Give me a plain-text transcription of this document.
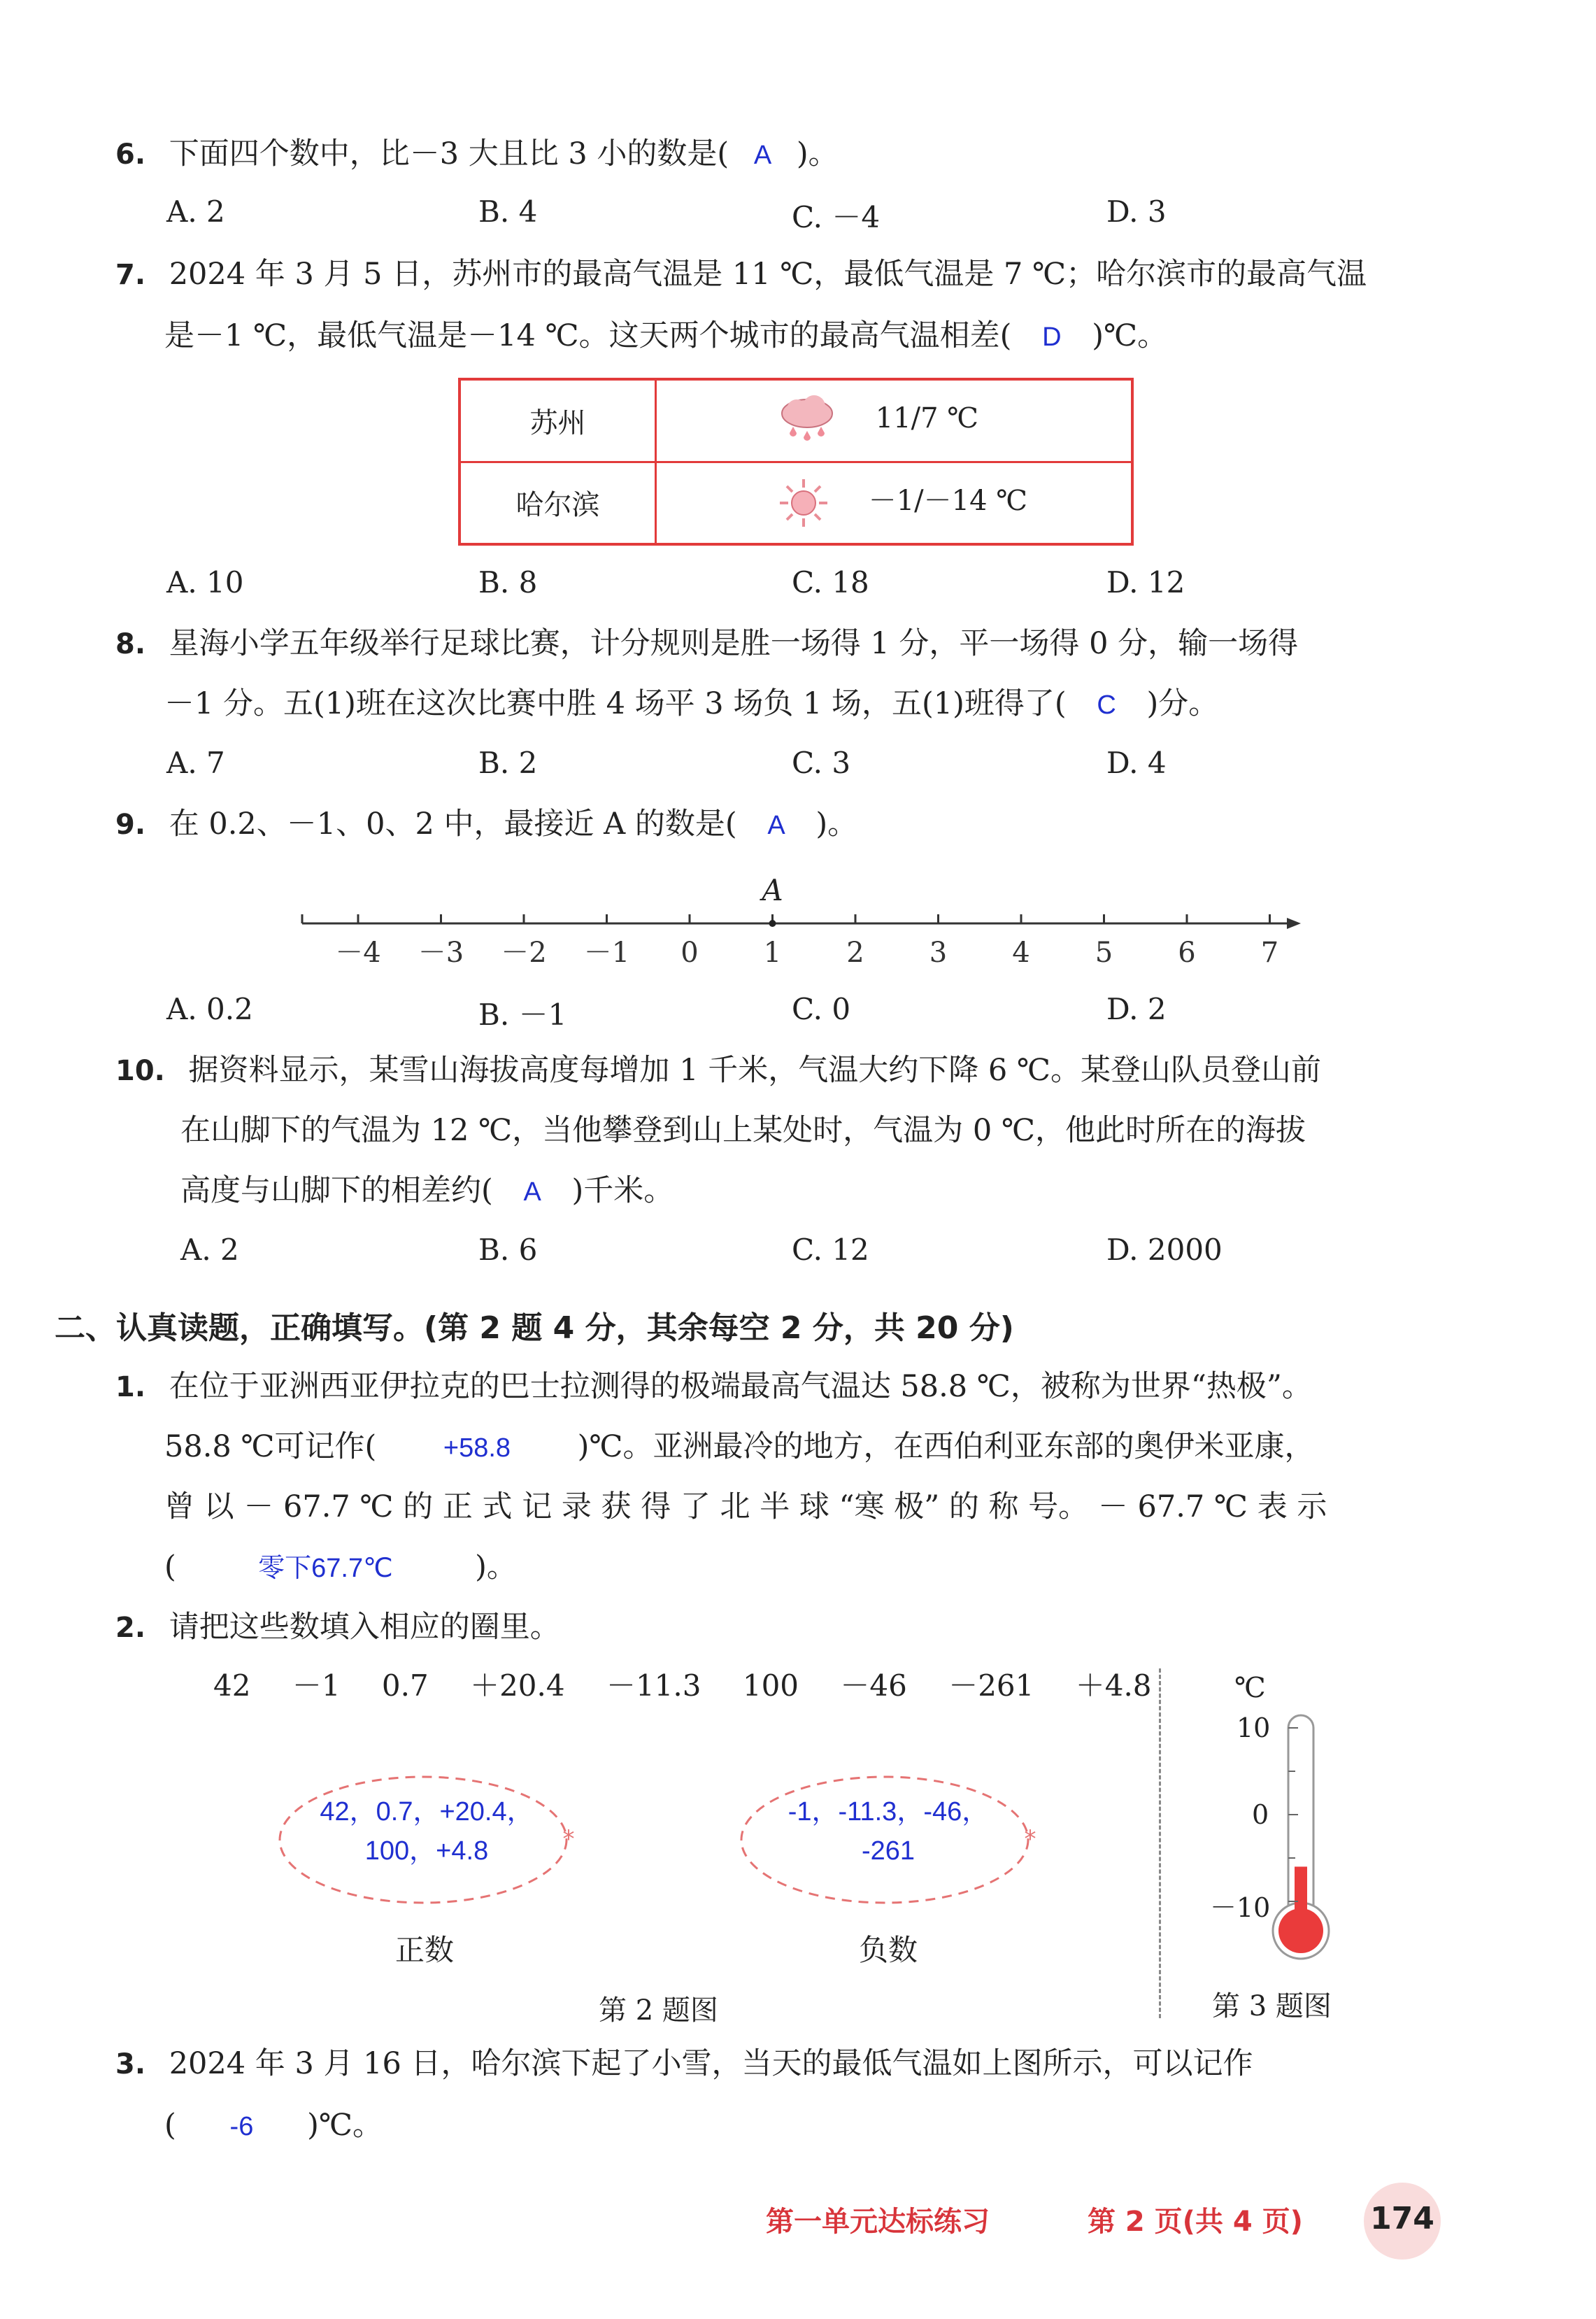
6. 下面四个数中，比－3 大且比 3 小的数是( A )。
A. 2	B. 4	C. －4	D. 3
7. 2024 年 3 月 5 日，苏州市的最高气温是 11 ℃，最低气温是 7 ℃；哈尔滨市的最高气温
是－1 ℃，最低气温是－14 ℃。这天两个城市的最高气温相差( D )℃。
苏州	11/7 ℃
哈尔滨	－1/－14 ℃
A. 10	B. 8	C. 18	D. 12
8. 星海小学五年级举行足球比赛，计分规则是胜一场得 1 分，平一场得 0 分，输一场得
－1 分。五(1)班在这次比赛中胜 4 场平 3 场负 1 场，五(1)班得了( C )分。
A. 7	B. 2	C. 3	D. 4
9. 在 0.2、－1、0、2 中，最接近 A 的数是( A )。
－4 －3 －2 －1 0 1 2 3 4 5 6 7
A
A. 0.2	B. －1	C. 0	D. 2
10. 据资料显示，某雪山海拔高度每增加 1 千米，气温大约下降 6 ℃。某登山队员登山前
在山脚下的气温为 12 ℃，当他攀登到山上某处时，气温为 0 ℃，他此时所在的海拔
高度与山脚下的相差约( A )千米。
A. 2	B. 6	C. 12	D. 2000
二、认真读题，正确填写。(第 2 题 4 分，其余每空 2 分，共 20 分)
1. 在位于亚洲西亚伊拉克的巴士拉测得的极端最高气温达 58.8 ℃，被称为世界“热极”。
58.8 ℃可记作(	+58.8 )℃。亚洲最冷的地方，在西伯利亚东部的奥伊米亚康，
曾 以 － 67.7 ℃ 的 正 式 记 录 获 得 了 北 半 球 “寒 极” 的 称 号。 － 67.7 ℃ 表 示
(	零下67.7℃	)。
2. 请把这些数填入相应的圈里。
42 －1 0.7 ＋20.4 －11.3 100 －46 －261 ＋4.8
*
42，0.7，+20.4，
100，+4.8
正数
*
-1，-11.3，-46，
-261
负数
第 2 题图
℃
10
0
－10
第 3 题图
3. 2024 年 3 月 16 日，哈尔滨下起了小雪，当天的最低气温如上图所示，可以记作
( -6 )℃。
第一单元达标练习	第 2 页(共 4 页) 174
